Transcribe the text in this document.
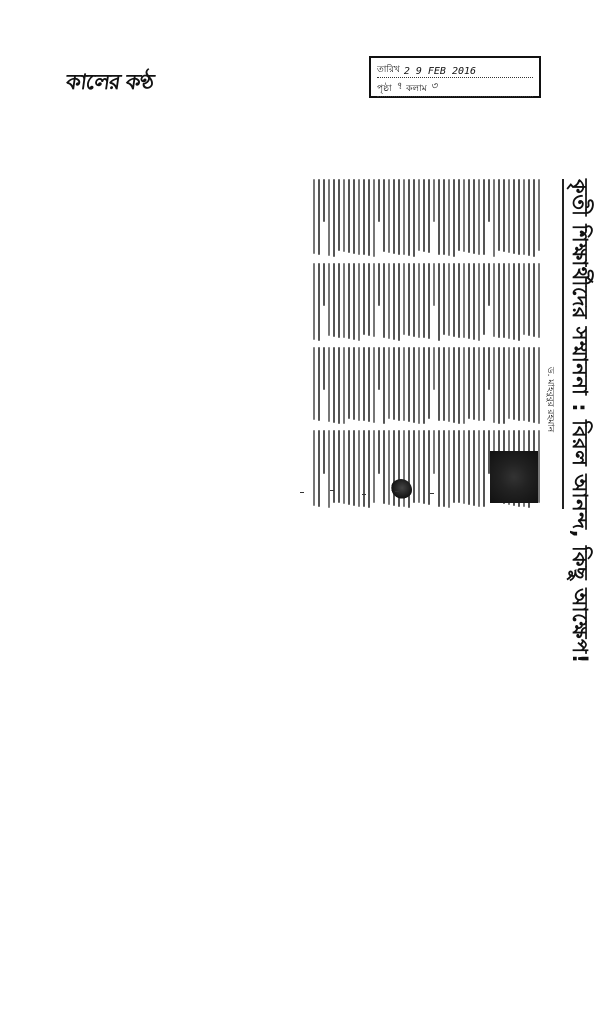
কালের কণ্ঠ	তারিখ 2 9 FEB 2016
পৃষ্ঠা ৭ কলাম ৩
কৃতী শিক্ষার্থীদের সম্মাননা : বিরল আনন্দ, কিছু আক্ষেপ!
ড. মাহবুবুর রহমান
